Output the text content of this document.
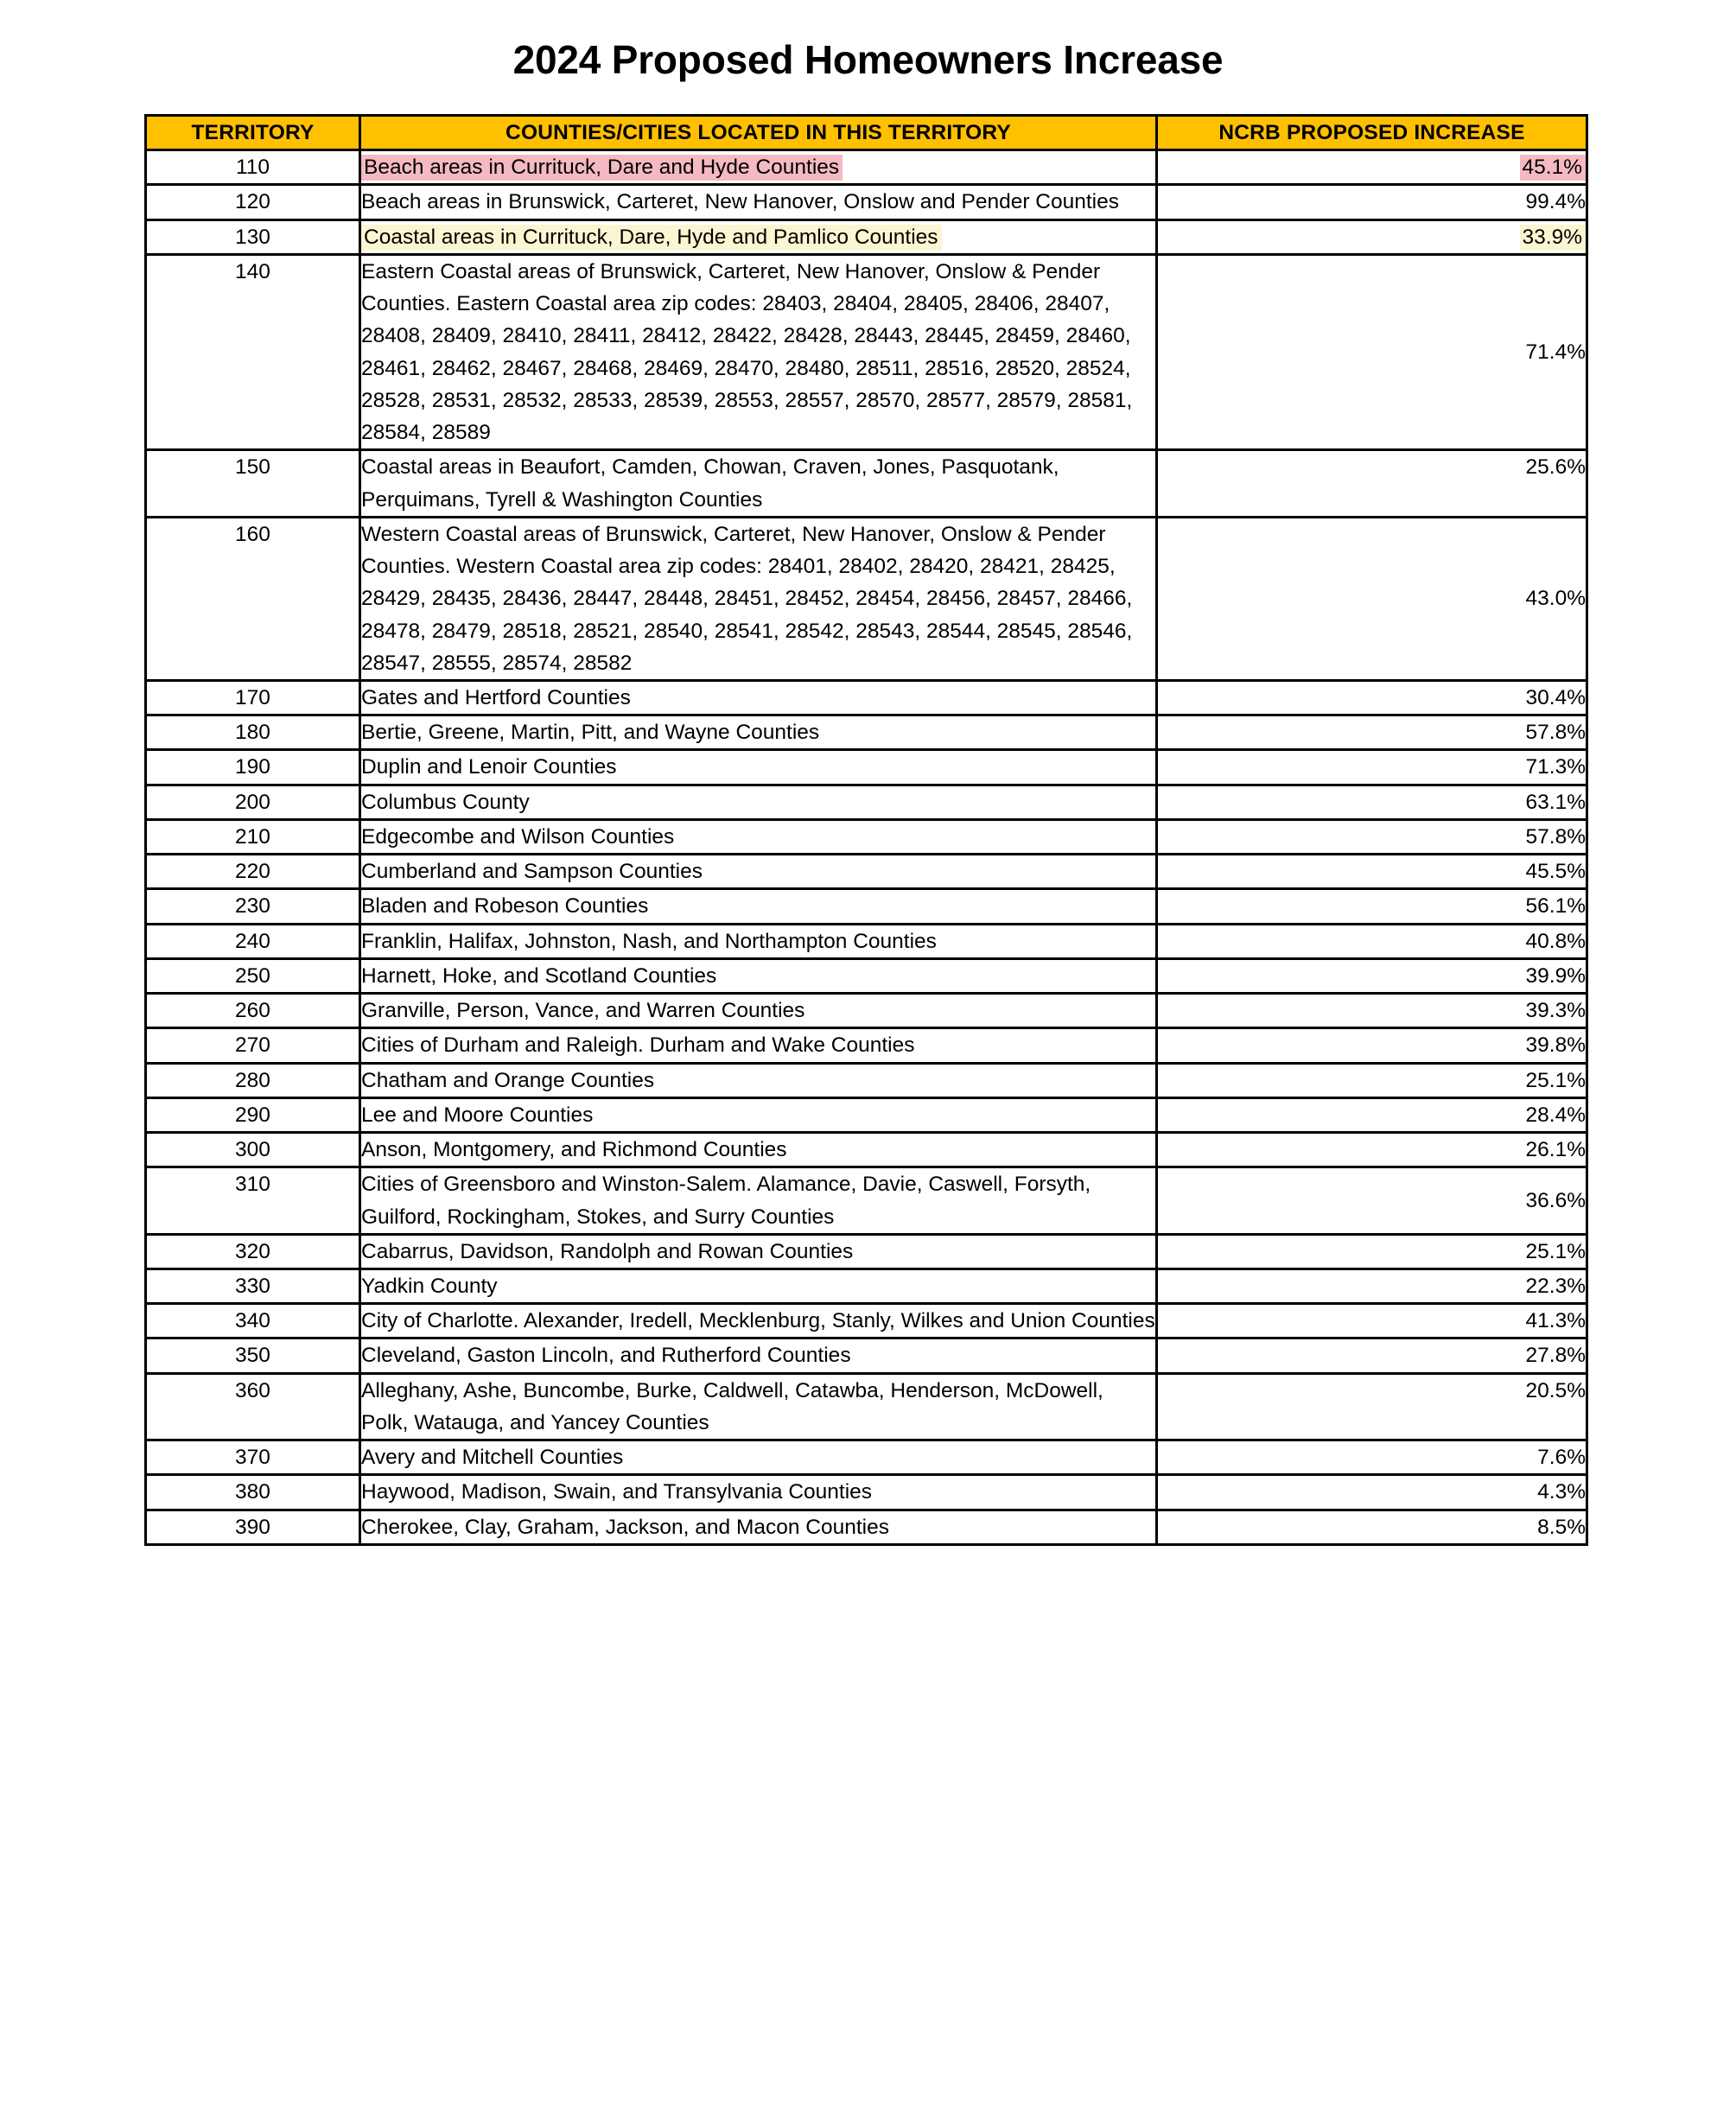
2024 Proposed Homeowners Increase
TERRITORY	COUNTIES/CITIES LOCATED IN THIS TERRITORY	NCRB PROPOSED INCREASE
110	Beach areas in Currituck, Dare and Hyde Counties	45.1%
120	Beach areas in Brunswick, Carteret, New Hanover, Onslow and Pender Counties	99.4%
130	Coastal areas in Currituck, Dare, Hyde and Pamlico Counties	33.9%
140	Eastern Coastal areas of Brunswick, Carteret, New Hanover, Onslow & Pender Counties. Eastern Coastal area zip codes: 28403, 28404, 28405, 28406, 28407, 28408, 28409, 28410, 28411, 28412, 28422, 28428, 28443, 28445, 28459, 28460, 28461, 28462, 28467, 28468, 28469, 28470, 28480, 28511, 28516, 28520, 28524, 28528, 28531, 28532, 28533, 28539, 28553, 28557, 28570, 28577, 28579, 28581, 28584, 28589	71.4%
150	Coastal areas in Beaufort, Camden, Chowan, Craven, Jones, Pasquotank, Perquimans, Tyrell & Washington Counties	25.6%
160	Western Coastal areas of Brunswick, Carteret, New Hanover, Onslow & Pender Counties. Western Coastal area zip codes: 28401, 28402, 28420, 28421, 28425, 28429, 28435, 28436, 28447, 28448, 28451, 28452, 28454, 28456, 28457, 28466, 28478, 28479, 28518, 28521, 28540, 28541, 28542, 28543, 28544, 28545, 28546, 28547, 28555, 28574, 28582	43.0%
170	Gates and Hertford Counties	30.4%
180	Bertie, Greene, Martin, Pitt, and Wayne Counties	57.8%
190	Duplin and Lenoir Counties	71.3%
200	Columbus County	63.1%
210	Edgecombe and Wilson Counties	57.8%
220	Cumberland and Sampson Counties	45.5%
230	Bladen and Robeson Counties	56.1%
240	Franklin, Halifax, Johnston, Nash, and Northampton Counties	40.8%
250	Harnett, Hoke, and Scotland Counties	39.9%
260	Granville, Person, Vance, and Warren Counties	39.3%
270	Cities of Durham and Raleigh. Durham and Wake Counties	39.8%
280	Chatham and Orange Counties	25.1%
290	Lee and Moore Counties	28.4%
300	Anson, Montgomery, and Richmond Counties	26.1%
310	Cities of Greensboro and Winston-Salem. Alamance, Davie, Caswell, Forsyth, Guilford, Rockingham, Stokes, and Surry Counties	36.6%
320	Cabarrus, Davidson, Randolph and Rowan Counties	25.1%
330	Yadkin County	22.3%
340	City of Charlotte. Alexander, Iredell, Mecklenburg, Stanly, Wilkes and Union Counties	41.3%
350	Cleveland, Gaston Lincoln, and Rutherford Counties	27.8%
360	Alleghany, Ashe, Buncombe, Burke, Caldwell, Catawba, Henderson, McDowell, Polk, Watauga, and Yancey Counties	20.5%
370	Avery and Mitchell Counties	7.6%
380	Haywood, Madison, Swain, and Transylvania Counties	4.3%
390	Cherokee, Clay, Graham, Jackson, and Macon Counties	8.5%
